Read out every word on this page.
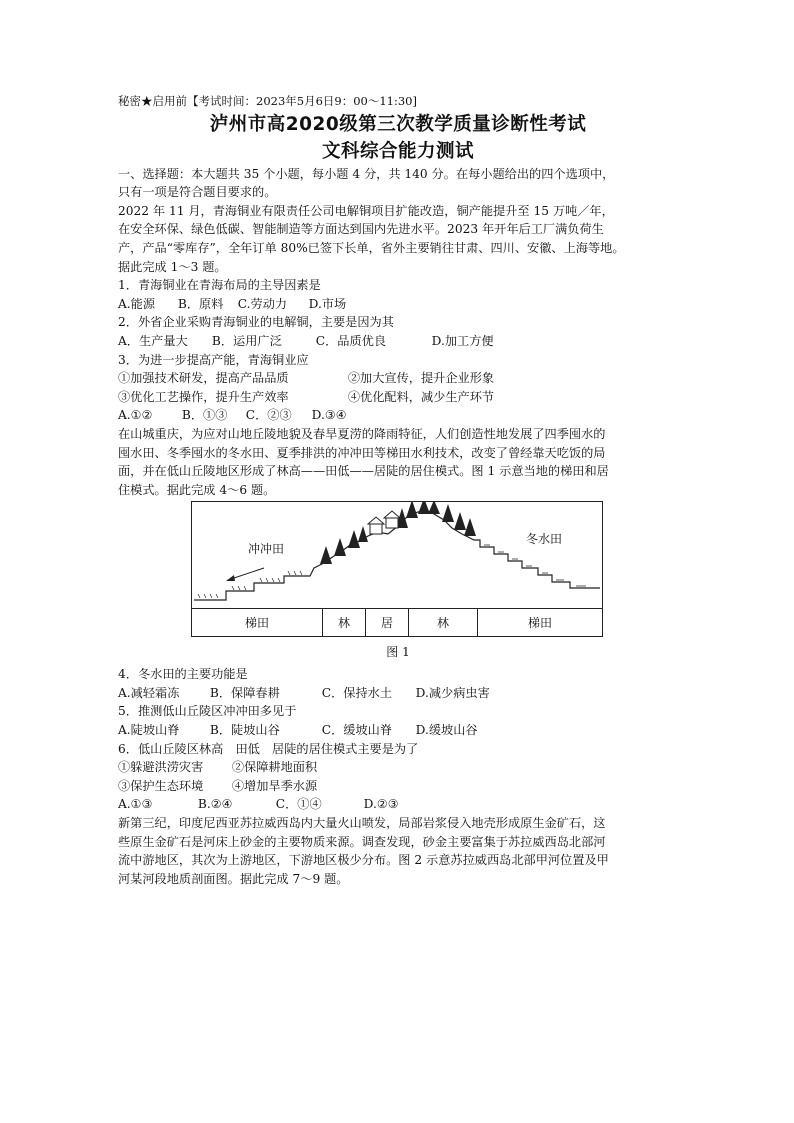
秘密★启用前【考试时间：2023年5月6日9：00～11:30]
泸州市高2020级第三次教学质量诊断性考试
文科综合能力测试
一、选择题：本大题共 35 个小题，每小题 4 分，共 140 分。在每小题给出的四个选项中，
只有一项是符合题目要求的。
2022 年 11 月，青海铜业有限责任公司电解铜项目扩能改造，铜产能提升至 15 万吨／年，
在安全环保、绿色低碳、智能制造等方面达到国内先进水平。2023 年开年后工厂满负荷生
产，产品“零库存”，全年订单 80%已签下长单，省外主要销往甘肃、四川、安徽、上海等地。
据此完成 1～3 题。
1．青海铜业在青海布局的主导因素是
A.能源 B．原料 C.劳动力 D.市场
2．外省企业采购青海铜业的电解铜，主要是因为其
A．生产量大 B．运用广泛	C．品质优良	D.加工方便
3．为进一步提高产能，青海铜业应
①加强技术研发，提高产品品质	②加大宣传，提升企业形象
③优化工艺操作，提升生产效率	④优化配料，减少生产环节
A.①② B．①③ C．②③ D.③④
在山城重庆，为应对山地丘陵地貌及春旱夏涝的降雨特征，人们创造性地发展了四季囤水的
囤水田、冬季囤水的冬水田、夏季排洪的冲冲田等梯田水利技术，改变了曾经靠天吃饭的局
面，并在低山丘陵地区形成了林高——田低——居陡的居住模式。图 1 示意当地的梯田和居
住模式。据此完成 4～6 题。
冲冲田
冬水田
梯田	林	居	林	梯田
图 1
4．冬水田的主要功能是
A.减轻霜冻 B．保障春耕	C．保持水土 D.减少病虫害
5．推测低山丘陵区冲冲田多见于
A.陡坡山脊 B．陡坡山谷	C．缓坡山脊 D.缓坡山谷
6．低山丘陵区林高　田低　居陡的居住模式主要是为了
①躲避洪涝灾害 ②保障耕地面积
③保护生态环境 ④增加旱季水源
A.①③	B.②④	C．①④	D.②③
新第三纪，印度尼西亚苏拉威西岛内大量火山喷发，局部岩浆侵入地壳形成原生金矿石，这
些原生金矿石是河床上砂金的主要物质来源。调查发现，砂金主要富集于苏拉威西岛北部河
流中游地区，其次为上游地区，下游地区极少分布。图 2 示意苏拉威西岛北部甲河位置及甲
河某河段地质剖面图。据此完成 7～9 题。
